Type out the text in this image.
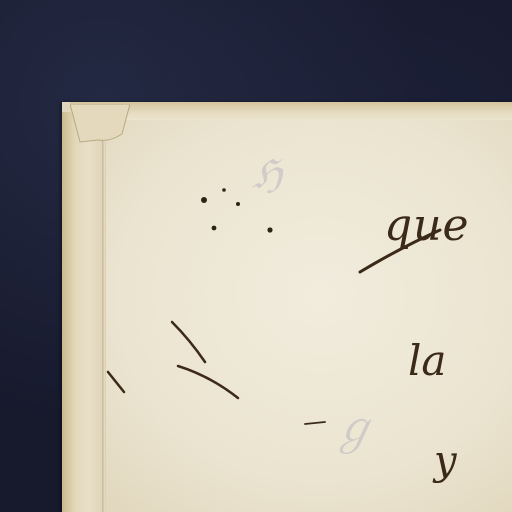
ℌ
ℊ
que
la
y
